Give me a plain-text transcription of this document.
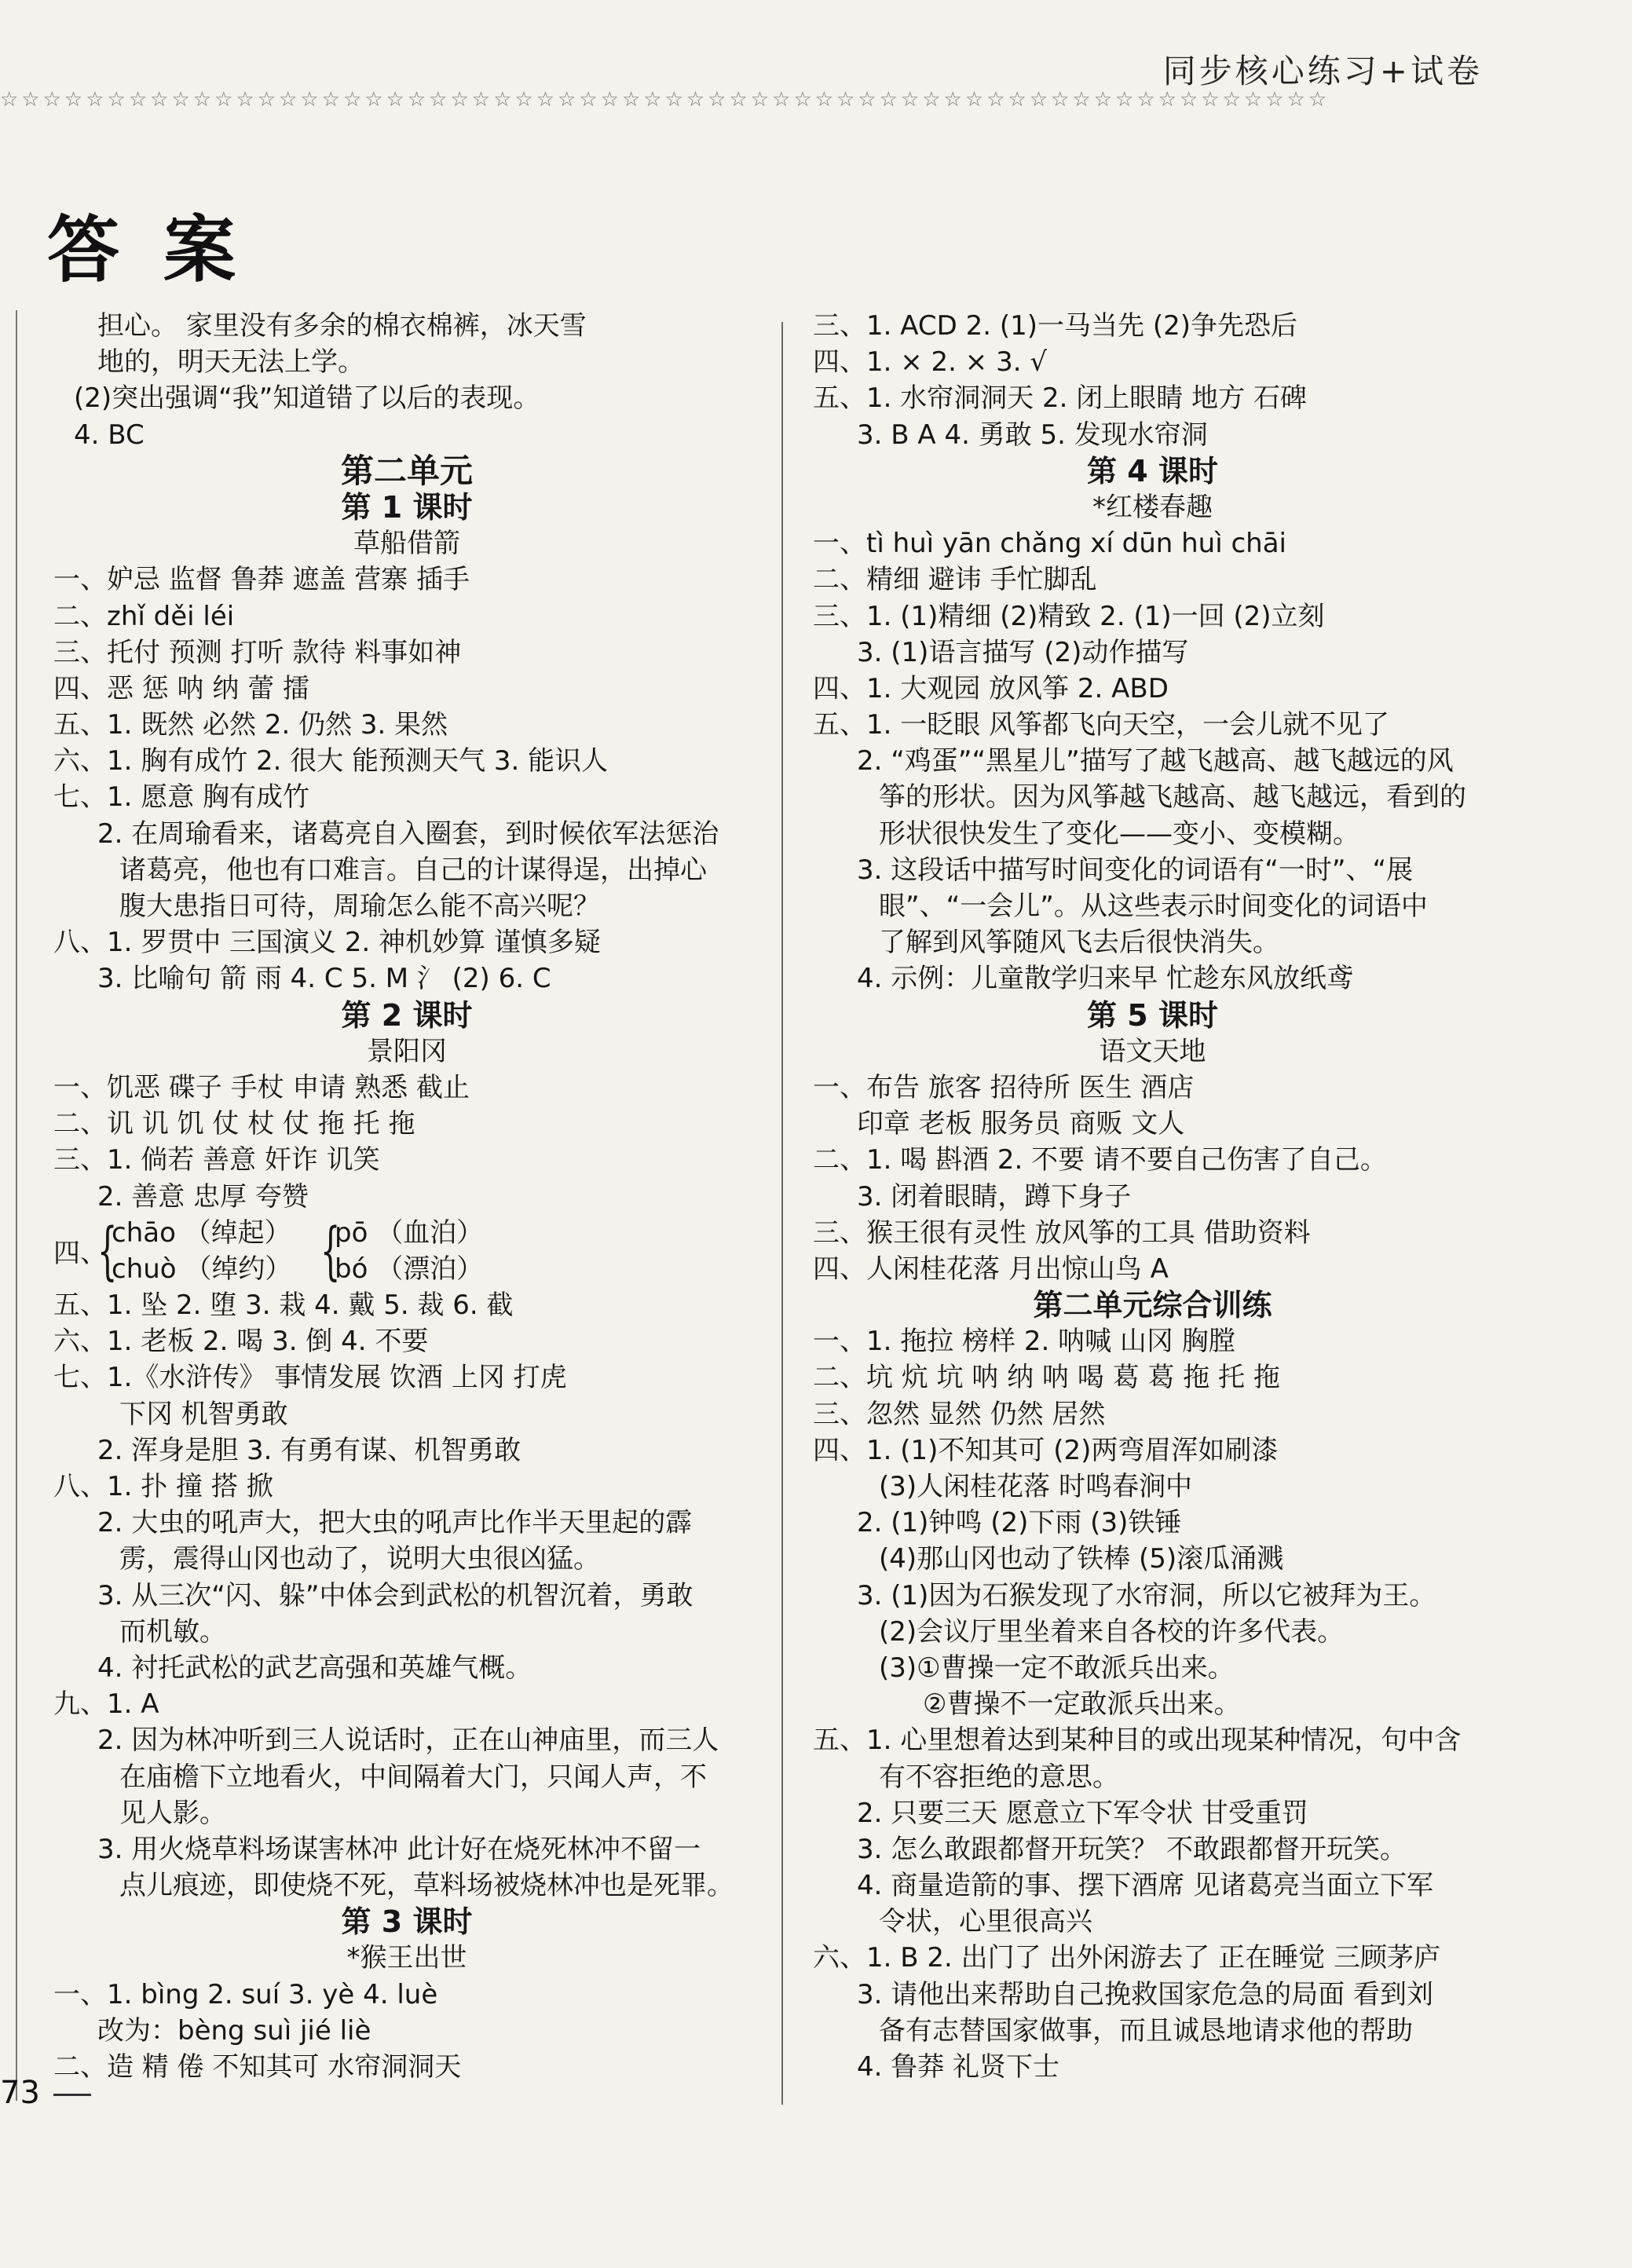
同步核心练习+试卷
☆☆☆☆☆☆☆☆☆☆☆☆☆☆☆☆☆☆☆☆☆☆☆☆☆☆☆☆☆☆☆☆☆☆☆☆☆☆☆☆☆☆☆☆☆☆☆☆☆☆☆☆☆☆☆☆☆☆☆☆☆☆
答案
担心。 家里没有多余的棉衣棉裤，冰天雪
地的，明天无法上学。
(2)突出强调“我”知道错了以后的表现。
4. BC
第二单元
第 1 课时
草船借箭
一、妒忌 监督 鲁莽 遮盖 营寨 插手
二、zhǐ děi léi
三、托付 预测 打听 款待 料事如神
四、恶 惩 呐 纳 蕾 擂
五、1. 既然 必然 2. 仍然 3. 果然
六、1. 胸有成竹 2. 很大 能预测天气 3. 能识人
七、1. 愿意 胸有成竹
2. 在周瑜看来，诸葛亮自入圈套，到时候依军法惩治
诸葛亮，他也有口难言。自己的计谋得逞，出掉心
腹大患指日可待，周瑜怎么能不高兴呢？
八、1. 罗贯中 三国演义 2. 神机妙算 谨慎多疑
3. 比喻句 箭 雨 4. C 5. M 氵 (2) 6. C
第 2 课时
景阳冈
一、饥恶 碟子 手杖 申请 熟悉 截止
二、讥 讥 饥 仗 杖 仗 拖 托 拖
三、1. 倘若 善意 奸诈 讥笑
2. 善意 忠厚 夸赞
四、
{
chāo （绰起）
chuò （绰约） {
pō （血泊）
bó （漂泊）
五、1. 坠 2. 堕 3. 栽 4. 戴 5. 裁 6. 截
六、1. 老板 2. 喝 3. 倒 4. 不要
七、1.《水浒传》 事情发展 饮酒 上冈 打虎
下冈 机智勇敢
2. 浑身是胆 3. 有勇有谋、机智勇敢
八、1. 扑 撞 搭 掀
2. 大虫的吼声大，把大虫的吼声比作半天里起的霹
雳，震得山冈也动了，说明大虫很凶猛。
3. 从三次“闪、躲”中体会到武松的机智沉着，勇敢
而机敏。
4. 衬托武松的武艺高强和英雄气概。
九、1. A
2. 因为林冲听到三人说话时，正在山神庙里，而三人
在庙檐下立地看火，中间隔着大门，只闻人声，不
见人影。
3. 用火烧草料场谋害林冲 此计好在烧死林冲不留一
点儿痕迹，即使烧不死，草料场被烧林冲也是死罪。
第 3 课时
*猴王出世
一、1. bìng 2. suí 3. yè 4. luè
改为：bèng suì jié liè
二、造 精 倦 不知其可 水帘洞洞天
三、1. ACD 2. (1)一马当先 (2)争先恐后
四、1. × 2. × 3. √
五、1. 水帘洞洞天 2. 闭上眼睛 地方 石碑
3. B A 4. 勇敢 5. 发现水帘洞
第 4 课时
*红楼春趣
一、tì huì yān chǎng xí dūn huì chāi
二、精细 避讳 手忙脚乱
三、1. (1)精细 (2)精致 2. (1)一回 (2)立刻
3. (1)语言描写 (2)动作描写
四、1. 大观园 放风筝 2. ABD
五、1. 一眨眼 风筝都飞向天空，一会儿就不见了
2. “鸡蛋”“黑星儿”描写了越飞越高、越飞越远的风
筝的形状。因为风筝越飞越高、越飞越远，看到的
形状很快发生了变化——变小、变模糊。
3. 这段话中描写时间变化的词语有“一时”、“展
眼”、“一会儿”。从这些表示时间变化的词语中
了解到风筝随风飞去后很快消失。
4. 示例：儿童散学归来早 忙趁东风放纸鸢
第 5 课时
语文天地
一、布告 旅客 招待所 医生 酒店
印章 老板 服务员 商贩 文人
二、1. 喝 斟酒 2. 不要 请不要自己伤害了自己。
3. 闭着眼睛，蹲下身子
三、猴王很有灵性 放风筝的工具 借助资料
四、人闲桂花落 月出惊山鸟 A
第二单元综合训练
一、1. 拖拉 榜样 2. 呐喊 山冈 胸膛
二、坑 炕 坑 呐 纳 呐 喝 葛 葛 拖 托 拖
三、忽然 显然 仍然 居然
四、1. (1)不知其可 (2)两弯眉浑如刷漆
(3)人闲桂花落 时鸣春涧中
2. (1)钟鸣 (2)下雨 (3)铁锤
(4)那山冈也动了铁棒 (5)滚瓜涌溅
3. (1)因为石猴发现了水帘洞，所以它被拜为王。
(2)会议厅里坐着来自各校的许多代表。
(3)①曹操一定不敢派兵出来。
②曹操不一定敢派兵出来。
五、1. 心里想着达到某种目的或出现某种情况，句中含
有不容拒绝的意思。
2. 只要三天 愿意立下军令状 甘受重罚
3. 怎么敢跟都督开玩笑？ 不敢跟都督开玩笑。
4. 商量造箭的事、摆下酒席 见诸葛亮当面立下军
令状，心里很高兴
六、1. B 2. 出门了 出外闲游去了 正在睡觉 三顾茅庐
3. 请他出来帮助自己挽救国家危急的局面 看到刘
备有志替国家做事，而且诚恳地请求他的帮助
4. 鲁莽 礼贤下士
73
